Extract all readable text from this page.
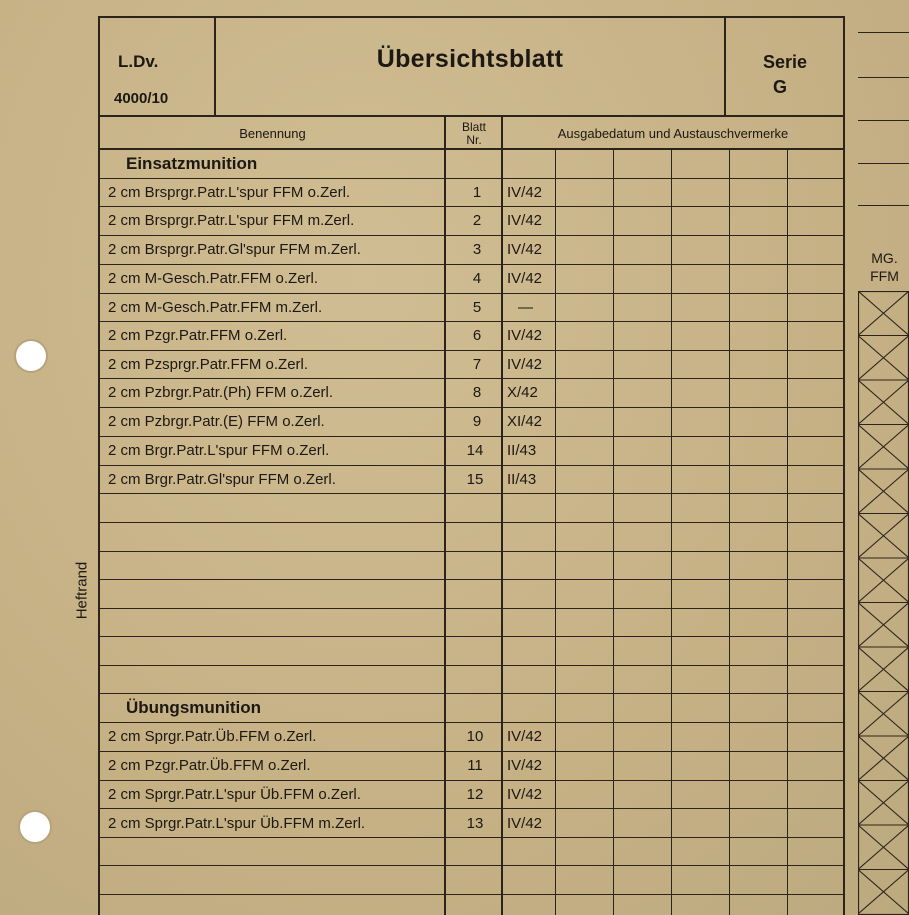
Heftrand
L.Dv.
4000/10
Übersichtsblatt	Serie
G
Benennung	Blatt
Nr.	Ausgabedatum und Austauschvermerke
Einsatzmunition
2 cm Brsprgr.Patr.L'spur FFM o.Zerl.	1	IV/42
2 cm Brsprgr.Patr.L'spur FFM m.Zerl.	2	IV/42
2 cm Brsprgr.Patr.Gl'spur FFM m.Zerl.	3	IV/42
2 cm M-Gesch.Patr.FFM o.Zerl.	4	IV/42
2 cm M-Gesch.Patr.FFM m.Zerl.	5	—
2 cm Pzgr.Patr.FFM o.Zerl.	6	IV/42
2 cm Pzsprgr.Patr.FFM o.Zerl.	7	IV/42
2 cm Pzbrgr.Patr.(Ph) FFM o.Zerl.	8	X/42
2 cm Pzbrgr.Patr.(E) FFM o.Zerl.	9	XI/42
2 cm Brgr.Patr.L'spur FFM o.Zerl.	14	II/43
2 cm Brgr.Patr.Gl'spur FFM o.Zerl.	15	II/43
Übungsmunition
2 cm Sprgr.Patr.Üb.FFM o.Zerl.	10	IV/42
2 cm Pzgr.Patr.Üb.FFM o.Zerl.	11	IV/42
2 cm Sprgr.Patr.L'spur Üb.FFM o.Zerl.	12	IV/42
2 cm Sprgr.Patr.L'spur Üb.FFM m.Zerl.	13	IV/42
MG.
FFM
